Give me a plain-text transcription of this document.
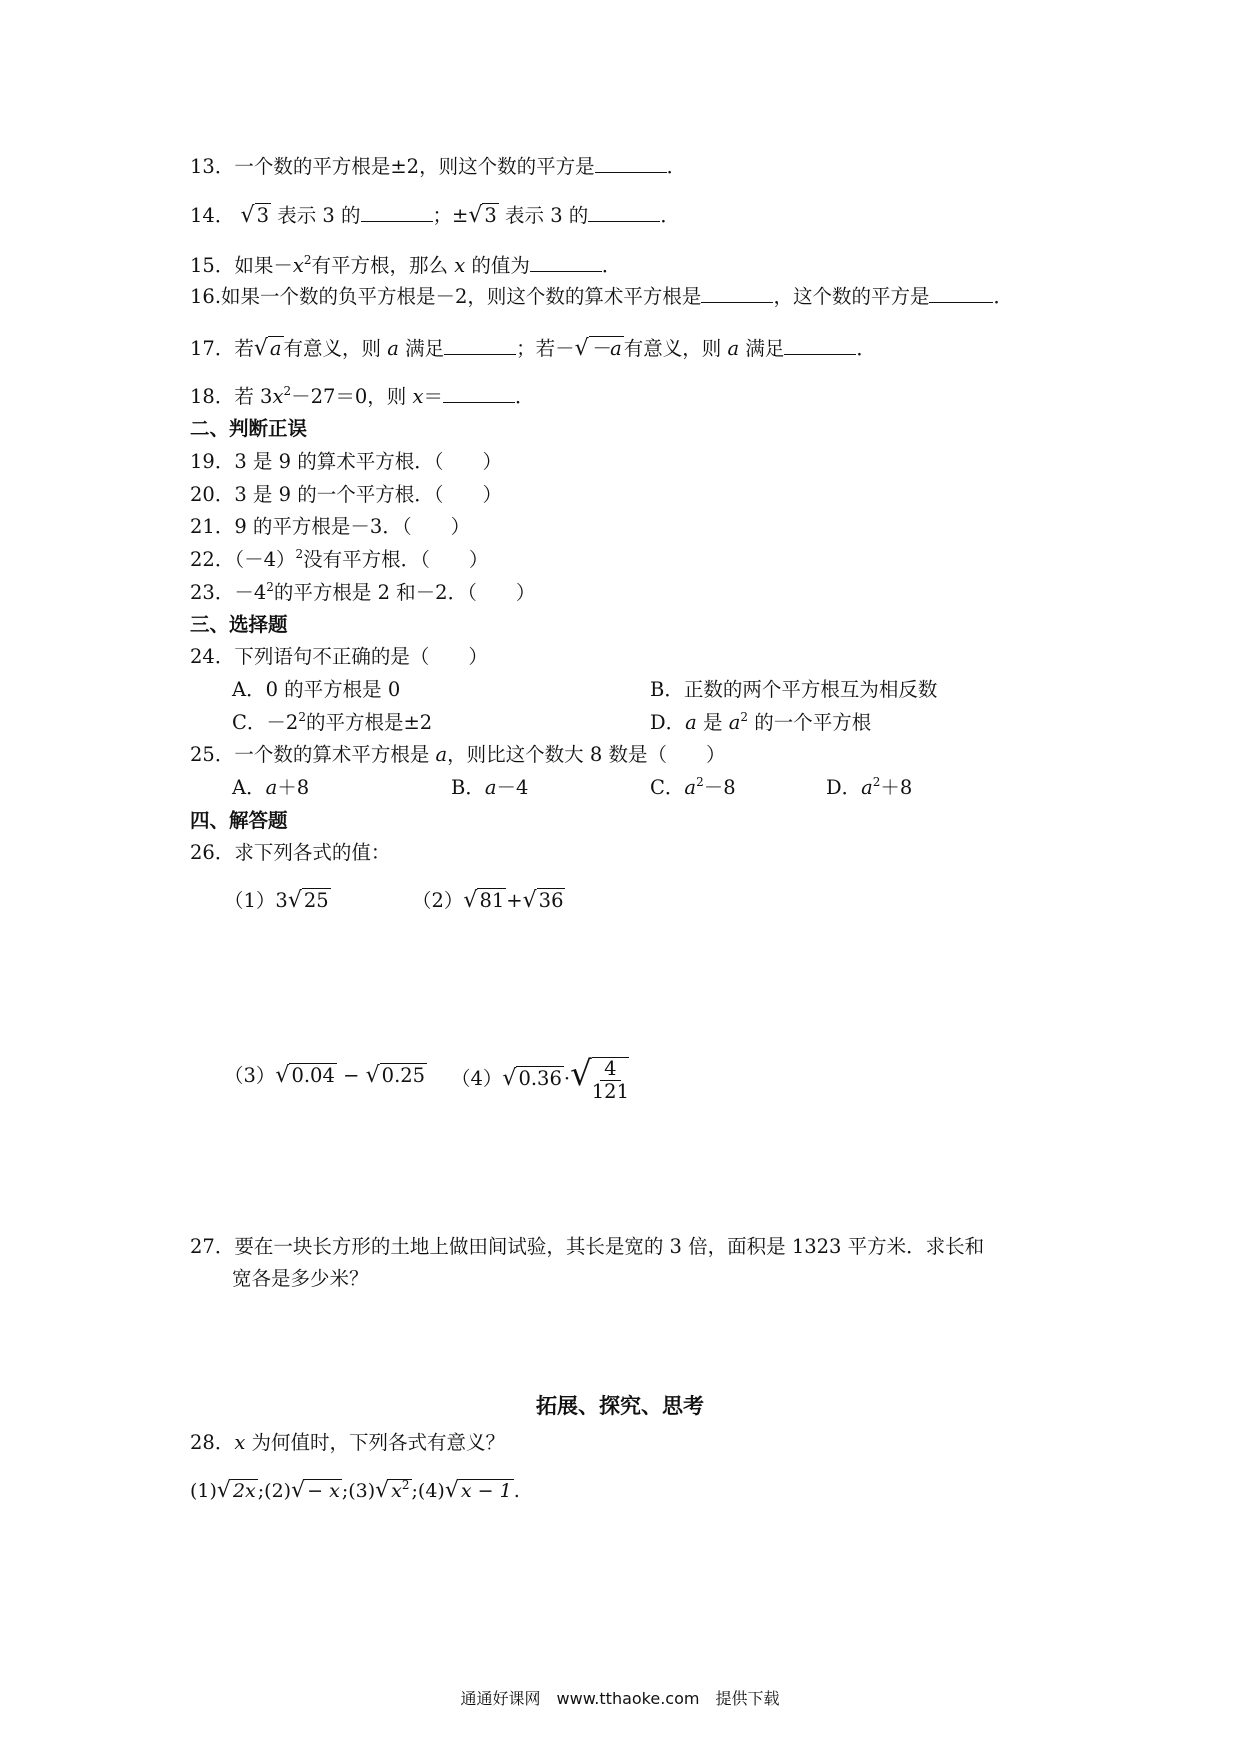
13．一个数的平方根是±2，则这个数的平方是	．
14． √ 3 表示 3 的	；±√ 3 表示 3 的	．
15．如果$-x^2$有平方根，那么 x 的值为	．
16.如果一个数的负平方根是－2，则这个数的算术平方根是	，这个数的平方是	．
17．若√ a 有意义，则 a 满足	；若－√ －a 有意义，则 a 满足	．
18．若 $3x^2-27=0$，则 x＝	．
二、判断正误
19．3 是 9 的算术平方根．（　　）
20．3 是 9 的一个平方根．（　　）
21．9 的平方根是－3．（　　）
22．$(-4)^2$没有平方根．（　　）
23．$-4^2$的平方根是 2 和－2．（　　）
三、选择题
24．下列语句不正确的是（　　）
A．0 的平方根是 0	B．正数的两个平方根互为相反数
C．$-2^2$的平方根是±2	D．a 是 $a^2$ 的一个平方根
25．一个数的算术平方根是 a，则比这个数大 8 数是（　　）
A．a＋8	B．a－4	C．$a^2-8$	D．$a^2+8$
四、解答题
26．求下列各式的值：
（1）3√ 25	（2）√ 81 +√ 36
（3）√ 0.04 − √ 0.25 （4）√ 0.36 ·√ $\frac{4}{121}$
27．要在一块长方形的土地上做田间试验，其长是宽的 3 倍，面积是 1323 平方米．求长和
宽各是多少米？
拓展、探究、思考
28．x 为何值时，下列各式有意义？
(1)√ 2x ;(2)√ − x ;(3)√ $x^2$ ;(4)√ x − 1 .
通通好课网　www.tthaoke.com　提供下载
